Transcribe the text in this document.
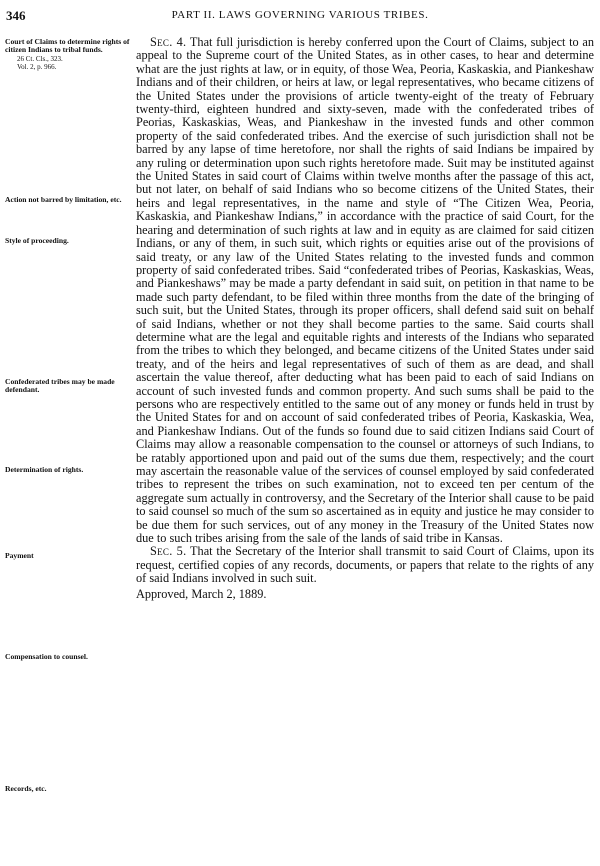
346	PART II. LAWS GOVERNING VARIOUS TRIBES.
Court of Claims to determine rights of citizen Indians to tribal funds.
26 Ct. Cls., 323.
Vol. 2, p. 966.
Action not barred by limitation, etc.
Style of proceeding.
Confederated tribes may be made defendant.
Determination of rights.
Payment
Compensation to counsel.
Records, etc.

Sec. 4. That full jurisdiction is hereby conferred upon the Court of Claims, subject to an appeal to the Supreme court of the United States, as in other cases, to hear and determine what are the just rights at law, or in equity, of those Wea, Peoria, Kaskaskia, and Piankeshaw Indians and of their children, or heirs at law, or legal representatives, who became citizens of the United States under the provisions of article twenty-eight of the treaty of February twenty-third, eighteen hundred and sixty-seven, made with the confederated tribes of Peorias, Kaskaskias, Weas, and Piankeshaw in the invested funds and other common property of the said confederated tribes. And the exercise of such jurisdiction shall not be barred by any lapse of time heretofore, nor shall the rights of said Indians be impaired by any ruling or determination upon such rights heretofore made. Suit may be instituted against the United States in said court of Claims within twelve months after the passage of this act, but not later, on behalf of said Indians who so become citizens of the United States, their heirs and legal representatives, in the name and style of “The Citizen Wea, Peoria, Kaskaskia, and Piankeshaw Indians,” in accordance with the practice of said Court, for the hearing and determination of such rights at law and in equity as are claimed for said citizen Indians, or any of them, in such suit, which rights or equities arise out of the provisions of said treaty, or any law of the United States relating to the invested funds and common property of said confederated tribes. Said “confederated tribes of Peorias, Kaskaskias, Weas, and Piankeshaws” may be made a party defendant in said suit, on petition in that name to be made such party defendant, to be filed within three months from the date of the bringing of such suit, but the United States, through its proper officers, shall defend said suit on behalf of said Indians, whether or not they shall become parties to the same. Said courts shall determine what are the legal and equitable rights and interests of the Indians who separated from the tribes to which they belonged, and became citizens of the United States under said treaty, and of the heirs and legal representatives of such of them as are dead, and shall ascertain the value thereof, after deducting what has been paid to each of said Indians on account of such invested funds and common property. And such sums shall be paid to the persons who are respectively entitled to the same out of any money or funds held in trust by the United States for and on account of said confederated tribes of Peoria, Kaskaskia, Wea, and Piankeshaw Indians. Out of the funds so found due to said citizen Indians said Court of Claims may allow a reasonable compensation to the counsel or attorneys of such Indians, to be ratably apportioned upon and paid out of the sums due them, respectively; and the court may ascertain the reasonable value of the services of counsel employed by said confederated tribes to represent the tribes on such examination, not to exceed ten per centum of the aggregate sum actually in controversy, and the Secretary of the Interior shall cause to be paid to said counsel so much of the sum so ascertained as in equity and justice he may consider to be due them for such services, out of any money in the Treasury of the United States now due to such tribes arising from the sale of the lands of said tribe in Kansas.

Sec. 5. That the Secretary of the Interior shall transmit to said Court of Claims, upon its request, certified copies of any records, documents, or papers that relate to the rights of any of said Indians involved in such suit.

Approved, March 2, 1889.
